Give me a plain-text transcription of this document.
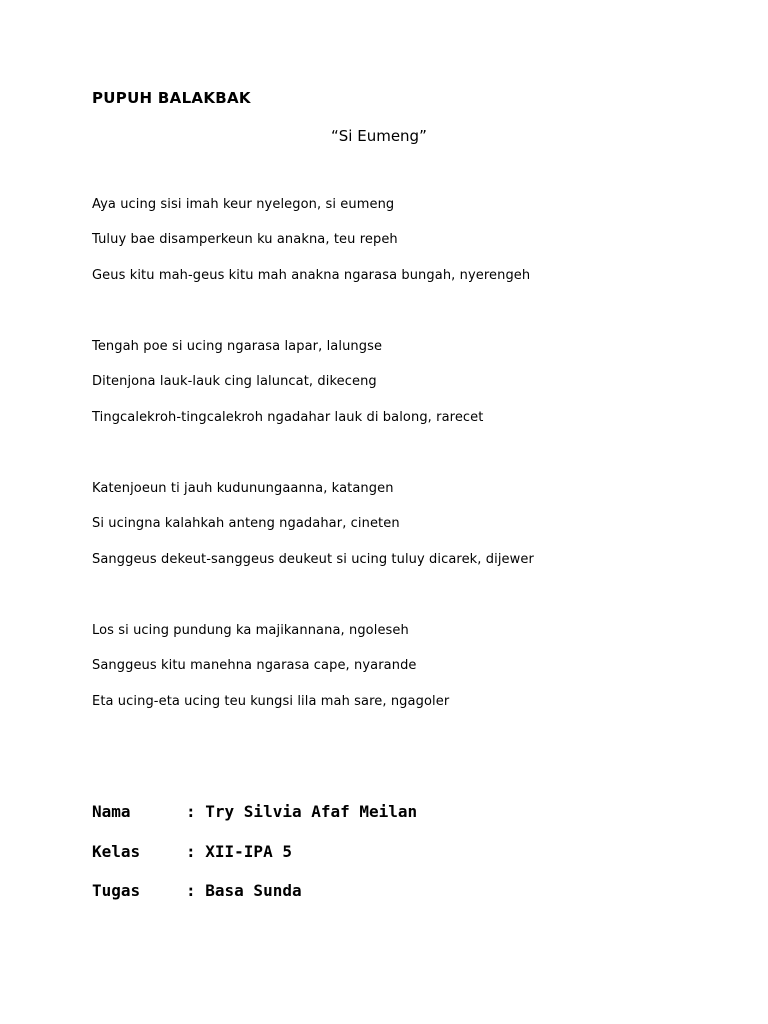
PUPUH BALAKBAK
“Si Eumeng”
Aya ucing sisi imah keur nyelegon, si eumeng
Tuluy bae disamperkeun ku anakna, teu repeh
Geus kitu mah-geus kitu mah anakna ngarasa bungah, nyerengeh
Tengah poe si ucing ngarasa lapar, lalungse
Ditenjona lauk-lauk cing laluncat, dikeceng
Tingcalekroh-tingcalekroh ngadahar lauk di balong, rarecet
Katenjoeun ti jauh kudunungaanna, katangen
Si ucingna kalahkah anteng ngadahar, cineten
Sanggeus dekeut-sanggeus deukeut si ucing tuluy dicarek, dijewer
Los si ucing pundung ka majikannana, ngoleseh
Sanggeus kitu manehna ngarasa cape, nyarande
Eta ucing-eta ucing teu kungsi lila mah sare, ngagoler
Nama	: Try Silvia Afaf Meilan
Kelas	: XII-IPA 5
Tugas	: Basa Sunda
